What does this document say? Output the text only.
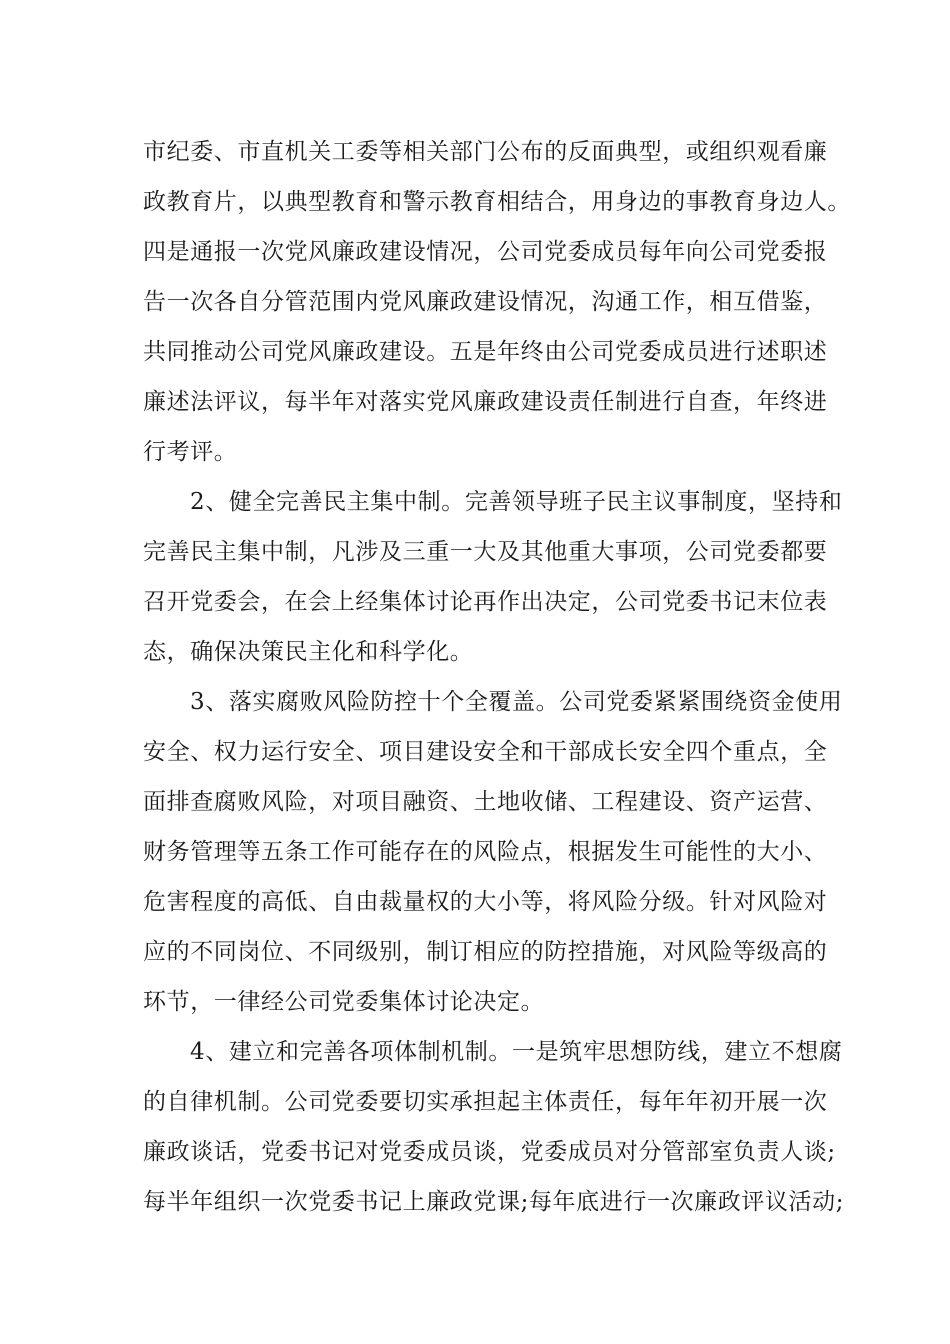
市纪委、市直机关工委等相关部门公布的反面典型，或组织观看廉
政教育片，以典型教育和警示教育相结合，用身边的事教育身边人。
四是通报一次党风廉政建设情况，公司党委成员每年向公司党委报
告一次各自分管范围内党风廉政建设情况，沟通工作，相互借鉴，
共同推动公司党风廉政建设。五是年终由公司党委成员进行述职述
廉述法评议，每半年对落实党风廉政建设责任制进行自查，年终进
行考评。
2、健全完善民主集中制。完善领导班子民主议事制度，坚持和
完善民主集中制，凡涉及三重一大及其他重大事项，公司党委都要
召开党委会，在会上经集体讨论再作出决定，公司党委书记末位表
态，确保决策民主化和科学化。
3、落实腐败风险防控十个全覆盖。公司党委紧紧围绕资金使用
安全、权力运行安全、项目建设安全和干部成长安全四个重点，全
面排查腐败风险，对项目融资、土地收储、工程建设、资产运营、
财务管理等五条工作可能存在的风险点，根据发生可能性的大小、
危害程度的高低、自由裁量权的大小等，将风险分级。针对风险对
应的不同岗位、不同级别，制订相应的防控措施，对风险等级高的
环节，一律经公司党委集体讨论决定。
4、建立和完善各项体制机制。一是筑牢思想防线，建立不想腐
的自律机制。公司党委要切实承担起主体责任，每年年初开展一次
廉政谈话，党委书记对党委成员谈，党委成员对分管部室负责人谈;
每半年组织一次党委书记上廉政党课;每年底进行一次廉政评议活动;
